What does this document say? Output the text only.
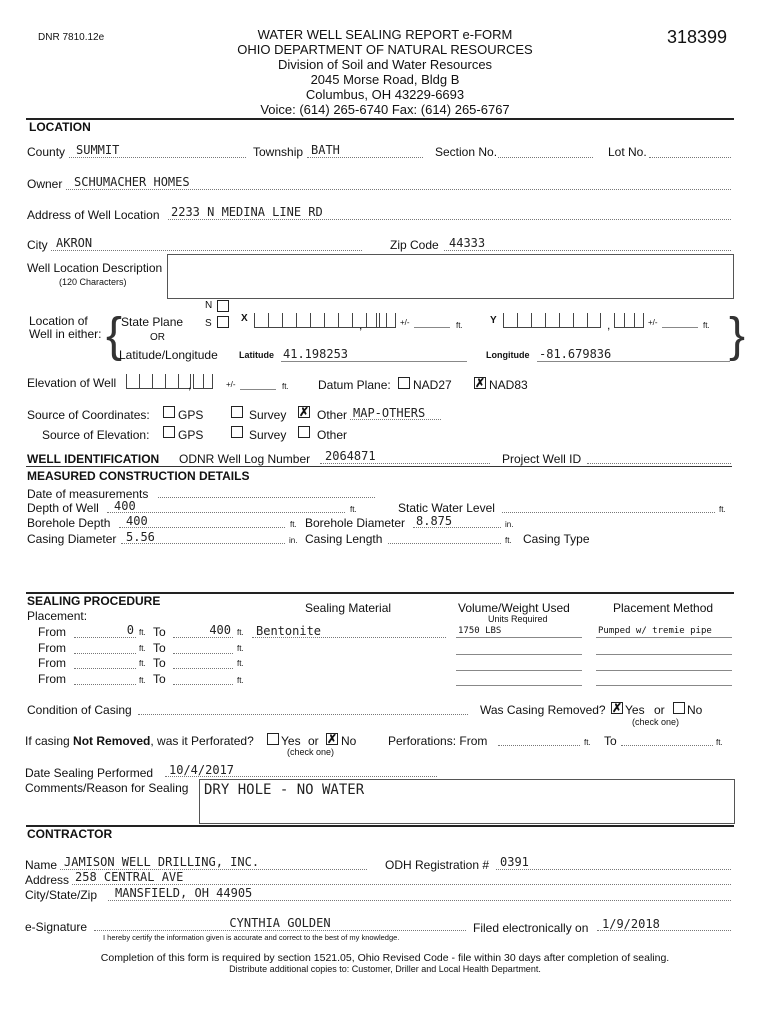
DNR 7810.12e	318399
WATER WELL SEALING REPORT e-FORM
OHIO DEPARTMENT OF NATURAL RESOURCES
Division of Soil and Water Resources
2045 Morse Road, Bldg B
Columbus, OH 43229-6693
Voice: (614) 265-6740 Fax: (614) 265-6767
LOCATION
County SUMMIT	Township BATH	Section No.	Lot No.
Owner SCHUMACHER HOMES
Address of Well Location 2233 N MEDINA LINE RD
City AKRON	Zip Code 44333
Well Location Description
(120 Characters)
Location of
Well in either: {
State Plane
OR
Latitude/Longitude
N
S	X	,	+/-	ft.	Y	,	+/-	ft. }
Latitude 41.198253	Longitude -81.679836
Elevation of Well	,	+/-	ft. Datum Plane: NAD27 ✗ NAD83
Source of Coordinates: GPS	Survey ✗ Other MAP-OTHERS
Source of Elevation: GPS	Survey	Other
WELL IDENTIFICATION ODNR Well Log Number 2064871	Project Well ID
MEASURED CONSTRUCTION DETAILS
Date of measurements
Depth of Well 400	ft.	Static Water Level	ft.
Borehole Depth 400	ft. Borehole Diameter 8.875	in.
Casing Diameter 5.56	in. Casing Length	ft. Casing Type
SEALING PROCEDURE
Placement:
Sealing Material	Volume/Weight Used
Units Required
Placement Method
From	0 ft. To	400 ft. Bentonite	1750 LBS	Pumped w/ tremie pipe
From	ft. To	ft.
From	ft. To	ft.
From	ft. To	ft.
Condition of Casing	Was Casing Removed? ✗ Yes or No
(check one)
If casing Not Removed, was it Perforated? Yes or ✗ No
(check one)
Perforations: From	ft. To	ft.
Date Sealing Performed 10/4/2017
Comments/Reason for Sealing DRY HOLE - NO WATER
CONTRACTOR
Name JAMISON WELL DRILLING, INC.	ODH Registration # 0391
Address 258 CENTRAL AVE
City/State/Zip MANSFIELD, OH 44905
e-Signature	CYNTHIA GOLDEN
I hereby certify the information given is accurate and correct to the best of my knowledge.
Filed electronically on 1/9/2018
Completion of this form is required by section 1521.05, Ohio Revised Code - file within 30 days after completion of sealing.
Distribute additional copies to: Customer, Driller and Local Health Department.
